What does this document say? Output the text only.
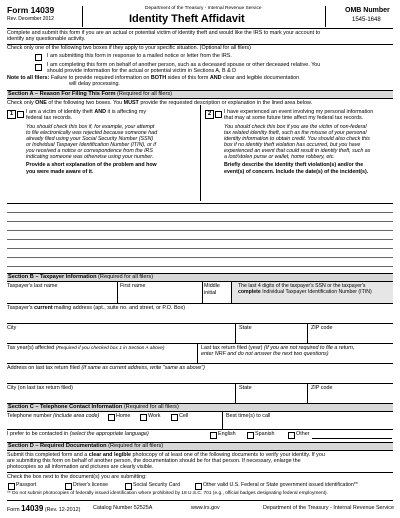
Form 14039
Rev. December 2012
Department of the Treasury - Internal Revenue Service
Identity Theft Affidavit
OMB Number
1545-1648
Complete and submit this form if you are an actual or potential victim of identity theft and would like the IRS to mark your account to
identify any questionable activity.
Check only one of the following two boxes if they apply to your specific situation. (Optional for all filers)
I am submitting this form in response to a mailed notice or letter from the IRS.
I am completing this form on behalf of another person, such as a deceased spouse or other deceased relative. You
should provide information for the actual or potential victim in Sections A, B & D
Note to all filers: Failure to provide required information on BOTH sides of this form AND clear and legible documentation
will delay processing.
Section A – Reason For Filing This Form (Required for all filers)
Check only ONE of the following two boxes. You MUST provide the requested description or explanation in the lined area below.
1	I am a victim of identity theft AND it is affecting my
federal tax records.
You should check this box if, for example, your attempt
to file electronically was rejected because someone had
already filed using your Social Security Number (SSN)
or Individual Taxpayer Identification Number (ITIN), or if
you received a notice or correspondence from the IRS
indicating someone was otherwise using your number.
Provide a short explanation of the problem and how
you were made aware of it.
2	I have experienced an event involving my personal information
that may at some future time affect my federal tax records.
You should check this box if you are the victim of non-federal
tax related identity theft, such as the misuse of your personal
identity information to obtain credit. You should also check this
box if no identity theft violation has occurred, but you have
experienced an event that could result in identity theft, such as
a lost/stolen purse or wallet, home robbery, etc.
Briefly describe the identity theft violation(s) and/or the
event(s) of concern. Include the date(s) of the incident(s).
Section B – Taxpayer Information (Required for all filers)
Taxpayer's last name	First name	Middle
initial
The last 4 digits of the taxpayer's SSN or the taxpayer's
complete Individual Taxpayer Identification Number (ITIN)
Taxpayer's current mailing address (apt., suite no. and street, or P.O. Box)
City	State	ZIP code
Tax year(s) affected (Required if you checked box 1 in Section A above)	Last tax return filed (year) (If you are not required to file a return,
enter NRF and do not answer the next two questions)
Address on last tax return filed (If same as current address, write "same as above")
City (on last tax return filed)	State	ZIP code
Section C – Telephone Contact Information (Required for all filers)
Telephone number (include area code)	Home	Work	Cell	Best time(s) to call
I prefer to be contacted in (select the appropriate language)	English	Spanish	Other
Section D – Required Documentation (Required for all filers)
Submit this completed form and a clear and legible photocopy of at least one of the following documents to verify your identity. If you
are submitting this form on behalf of another person, the documentation should be for that person. If necessary, enlarge the
photocopies so all information and pictures are clearly visible.
Check the box next to the document(s) you are submitting:
Passport	Driver's license	Social Security Card	Other valid U.S. Federal or State government issued identification**
** Do not submit photocopies of federally issued identification where prohibited by 18 U.S.C. 701 (e.g., official badges designating federal employment).
Form 14039 (Rev. 12-2012) Catalog Number 52525A	www.irs.gov	Department of the Treasury - Internal Revenue Service
